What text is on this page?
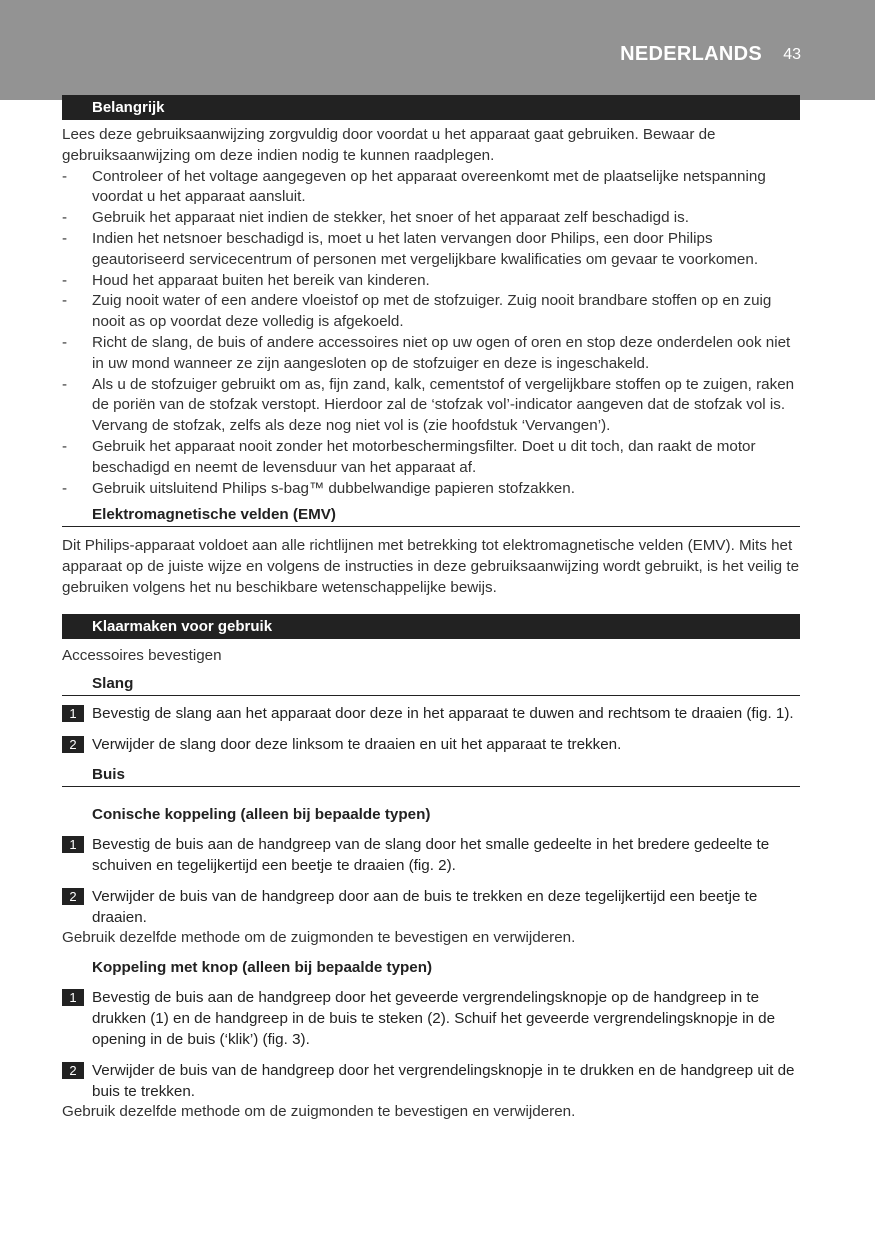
NEDERLANDS 43
Belangrijk

Lees deze gebruiksaanwijzing zorgvuldig door voordat u het apparaat gaat gebruiken. Bewaar de gebruiksaanwijzing om deze indien nodig te kunnen raadplegen.

- Controleer of het voltage aangegeven op het apparaat overeenkomt met de plaatselijke netspanning voordat u het apparaat aansluit.
- Gebruik het apparaat niet indien de stekker, het snoer of het apparaat zelf beschadigd is.
- Indien het netsnoer beschadigd is, moet u het laten vervangen door Philips, een door Philips geautoriseerd servicecentrum of personen met vergelijkbare kwalificaties om gevaar te voorkomen.
- Houd het apparaat buiten het bereik van kinderen.
- Zuig nooit water of een andere vloeistof op met de stofzuiger. Zuig nooit brandbare stoffen op en zuig nooit as op voordat deze volledig is afgekoeld.
- Richt de slang, de buis of andere accessoires niet op uw ogen of oren en stop deze onderdelen ook niet in uw mond wanneer ze zijn aangesloten op de stofzuiger en deze is ingeschakeld.
- Als u de stofzuiger gebruikt om as, fijn zand, kalk, cementstof of vergelijkbare stoffen op te zuigen, raken de poriën van de stofzak verstopt. Hierdoor zal de ‘stofzak vol’-indicator aangeven dat de stofzak vol is. Vervang de stofzak, zelfs als deze nog niet vol is (zie hoofdstuk ‘Vervangen’).
- Gebruik het apparaat nooit zonder het motorbeschermingsfilter. Doet u dit toch, dan raakt de motor beschadigd en neemt de levensduur van het apparaat af.
- Gebruik uitsluitend Philips s-bag™ dubbelwandige papieren stofzakken.
Elektromagnetische velden (EMV)

Dit Philips-apparaat voldoet aan alle richtlijnen met betrekking tot elektromagnetische velden (EMV). Mits het apparaat op de juiste wijze en volgens de instructies in deze gebruiksaanwijzing wordt gebruikt, is het veilig te gebruiken volgens het nu beschikbare wetenschappelijke bewijs.

Klaarmaken voor gebruik

Accessoires bevestigen

Slang
1	Bevestig de slang aan het apparaat door deze in het apparaat te duwen and rechtsom te draaien (fig. 1).
2	Verwijder de slang door deze linksom te draaien en uit het apparaat te trekken.
Buis
Conische koppeling (alleen bij bepaalde typen)
1	Bevestig de buis aan de handgreep van de slang door het smalle gedeelte in het bredere gedeelte te schuiven en tegelijkertijd een beetje te draaien (fig. 2).
2	Verwijder de buis van de handgreep door aan de buis te trekken en deze tegelijkertijd een beetje te draaien.

Gebruik dezelfde methode om de zuigmonden te bevestigen en verwijderen.

Koppeling met knop (alleen bij bepaalde typen)
1	Bevestig de buis aan de handgreep door het geveerde vergrendelingsknopje op de handgreep in te drukken (1) en de handgreep in de buis te steken (2). Schuif het geveerde vergrendelingsknopje in de opening in de buis (‘klik’) (fig. 3).
2	Verwijder de buis van de handgreep door het vergrendelingsknopje in te drukken en de handgreep uit de buis te trekken.

Gebruik dezelfde methode om de zuigmonden te bevestigen en verwijderen.
